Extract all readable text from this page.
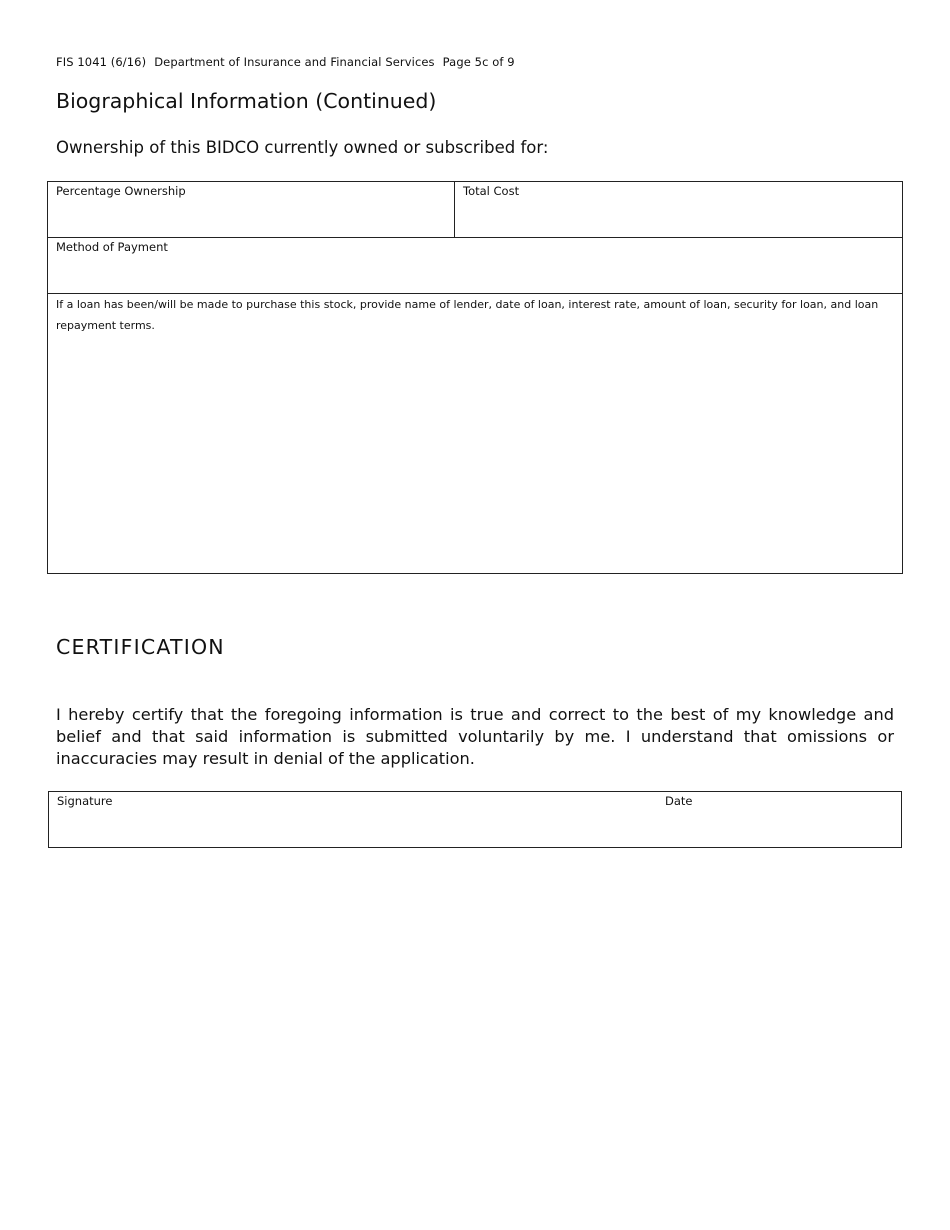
FIS 1041 (6/16) Department of Insurance and Financial Services Page 5c of 9
Biographical Information (Continued)
Ownership of this BIDCO currently owned or subscribed for:
Percentage Ownership	Total Cost
Method of Payment
If a loan has been/will be made to purchase this stock, provide name of lender, date of loan, interest rate, amount of loan, security for loan, and loan repayment terms.
CERTIFICATION
I hereby certify that the foregoing information is true and correct to the best of my knowledge and belief and that said information is submitted voluntarily by me. I understand that omissions or inaccuracies may result in denial of the application.
Signature	Date
